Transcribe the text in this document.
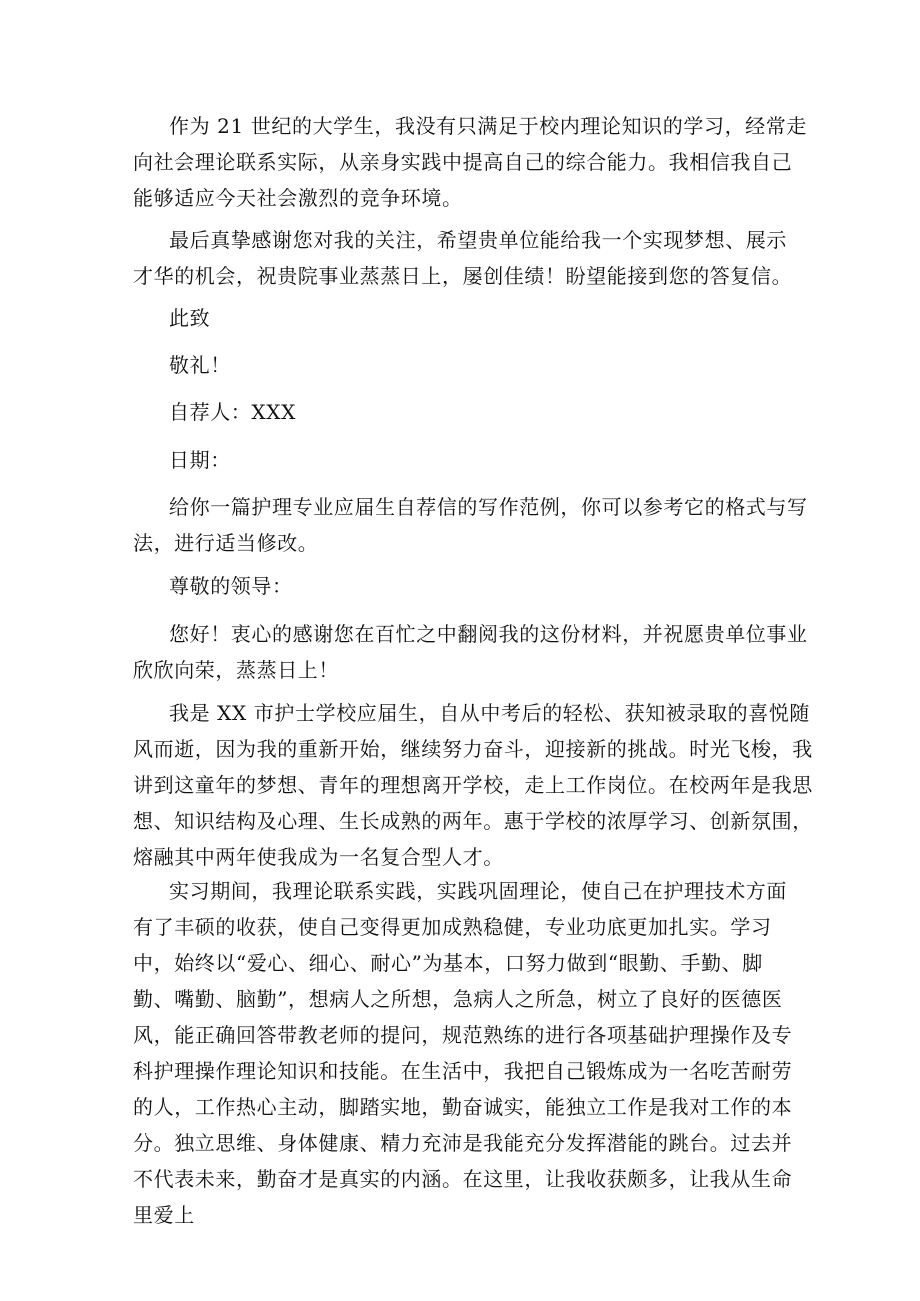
作为 21 世纪的大学生，我没有只满足于校内理论知识的学习，经常走
向社会理论联系实际，从亲身实践中提高自己的综合能力。我相信我自己
能够适应今天社会激烈的竞争环境。

最后真挚感谢您对我的关注，希望贵单位能给我一个实现梦想、展示
才华的机会，祝贵院事业蒸蒸日上，屡创佳绩！盼望能接到您的答复信。

此致

敬礼！

自荐人：XXX

日期：

给你一篇护理专业应届生自荐信的写作范例，你可以参考它的格式与写
法，进行适当修改。

尊敬的领导：

您好！衷心的感谢您在百忙之中翻阅我的这份材料，并祝愿贵单位事业
欣欣向荣，蒸蒸日上！

我是 XX 市护士学校应届生，自从中考后的轻松、获知被录取的喜悦随
风而逝，因为我的重新开始，继续努力奋斗，迎接新的挑战。时光飞梭，我
讲到这童年的梦想、青年的理想离开学校，走上工作岗位。在校两年是我思
想、知识结构及心理、生长成熟的两年。惠于学校的浓厚学习、创新氛围，
熔融其中两年使我成为一名复合型人才。

实习期间，我理论联系实践，实践巩固理论，使自己在护理技术方面
有了丰硕的收获，使自己变得更加成熟稳健，专业功底更加扎实。学习
中，始终以“爱心、细心、耐心”为基本，口努力做到“眼勤、手勤、脚
勤、嘴勤、脑勤”，想病人之所想，急病人之所急，树立了良好的医德医
风，能正确回答带教老师的提问，规范熟练的进行各项基础护理操作及专
科护理操作理论知识和技能。在生活中，我把自己锻炼成为一名吃苦耐劳
的人，工作热心主动，脚踏实地，勤奋诚实，能独立工作是我对工作的本
分。独立思维、身体健康、精力充沛是我能充分发挥潜能的跳台。过去并
不代表未来，勤奋才是真实的内涵。在这里，让我收获颇多，让我从生命
里爱上
